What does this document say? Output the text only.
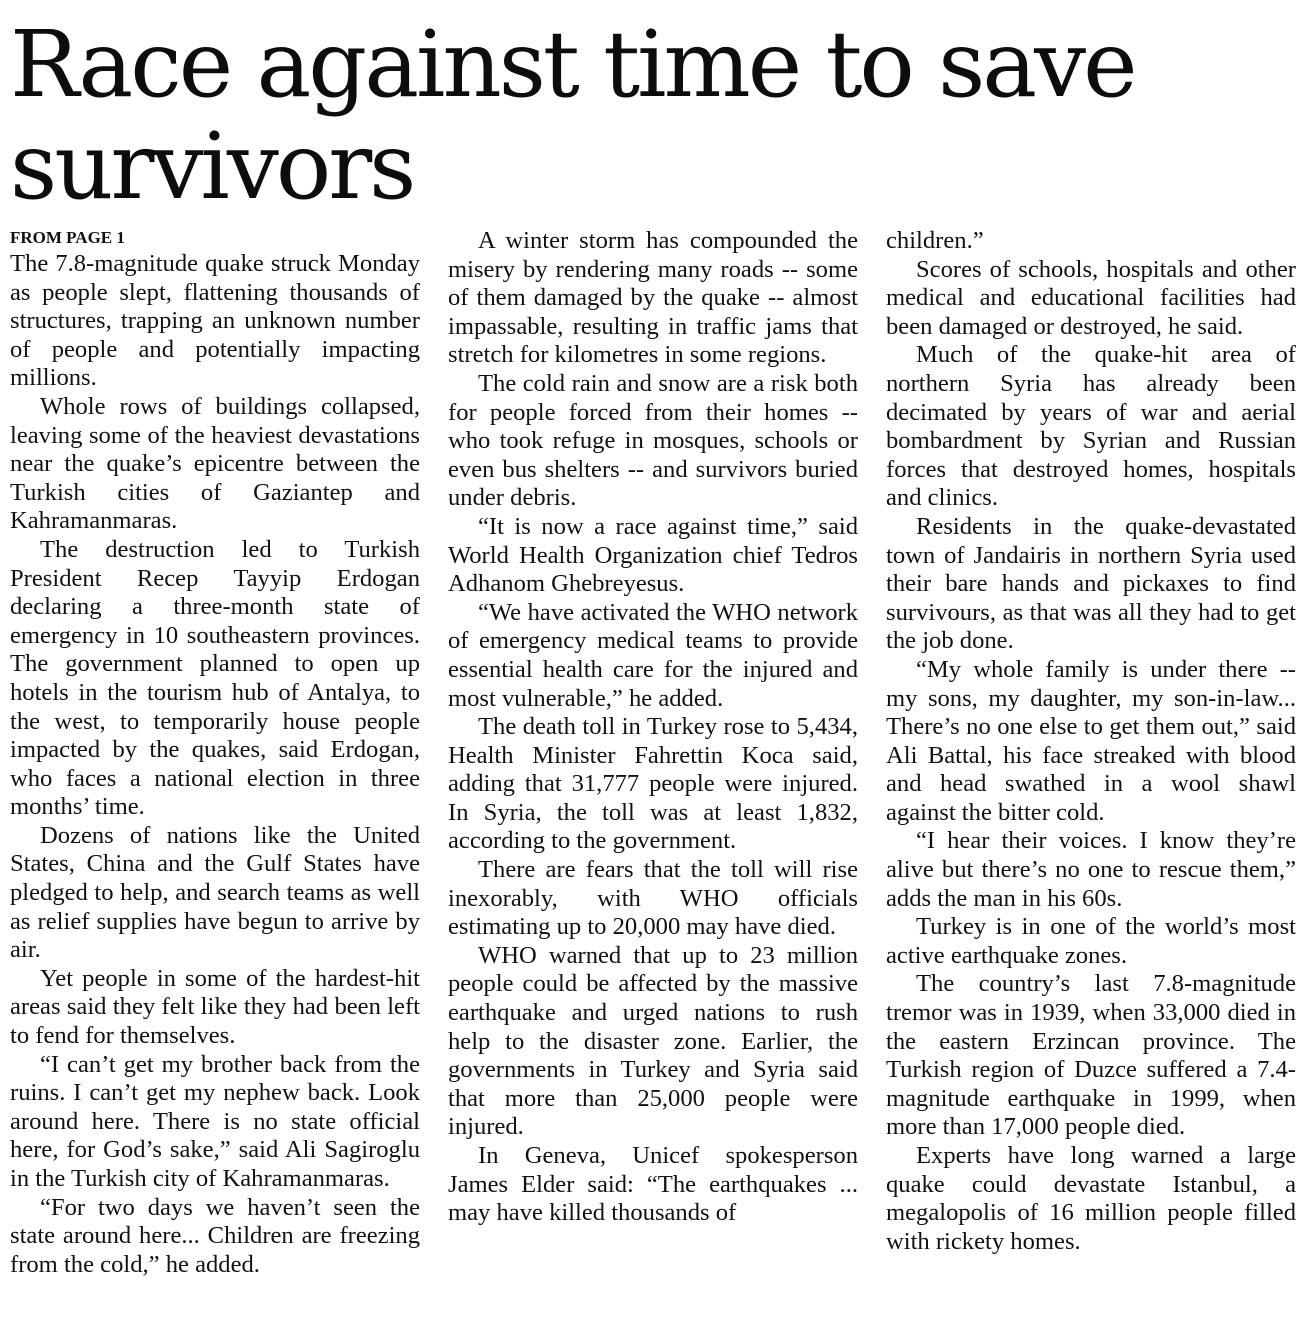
Race against time to save survivors
FROM PAGE 1

The 7.8-magnitude quake struck Monday as people slept, flattening thousands of structures, trapping an unknown number of people and potentially impacting millions.

Whole rows of buildings collapsed, leaving some of the heaviest devastations near the quake’s epicentre between the Turkish cities of Gaziantep and Kahramanmaras.

The destruction led to Turkish President Recep Tayyip Erdogan declaring a three-month state of emergency in 10 southeastern provinces. The government planned to open up hotels in the tourism hub of Antalya, to the west, to temporarily house people impacted by the quakes, said Erdogan, who faces a national election in three months’ time.

Dozens of nations like the United States, China and the Gulf States have pledged to help, and search teams as well as relief supplies have begun to arrive by air.

Yet people in some of the hardest-hit areas said they felt like they had been left to fend for themselves.

“I can’t get my brother back from the ruins. I can’t get my nephew back. Look around here. There is no state official here, for God’s sake,” said Ali Sagiroglu in the Turkish city of Kahramanmaras.

“For two days we haven’t seen the state around here... Children are freezing from the cold,” he added.

A winter storm has compounded the misery by rendering many roads -- some of them damaged by the quake -- almost impassable, resulting in traffic jams that stretch for kilometres in some regions.

The cold rain and snow are a risk both for people forced from their homes -- who took refuge in mosques, schools or even bus shelters -- and survivors buried under debris.

“It is now a race against time,” said World Health Organization chief Tedros Adhanom Ghebreyesus.

“We have activated the WHO network of emergency medical teams to provide essential health care for the injured and most vulnerable,” he added.

The death toll in Turkey rose to 5,434, Health Minister Fahrettin Koca said, adding that 31,777 people were injured. In Syria, the toll was at least 1,832, according to the government.

There are fears that the toll will rise inexorably, with WHO officials estimating up to 20,000 may have died.

WHO warned that up to 23 million people could be affected by the massive earthquake and urged nations to rush help to the disaster zone. Earlier, the governments in Turkey and Syria said that more than 25,000 people were injured.

In Geneva, Unicef spokesperson James Elder said: “The earthquakes ... may have killed thousands of

children.”

Scores of schools, hospitals and other medical and educational facilities had been damaged or destroyed, he said.

Much of the quake-hit area of northern Syria has already been decimated by years of war and aerial bombardment by Syrian and Russian forces that destroyed homes, hospitals and clinics.

Residents in the quake-devastated town of Jandairis in northern Syria used their bare hands and pickaxes to find survivours, as that was all they had to get the job done.

“My whole family is under there -- my sons, my daughter, my son-in-law... There’s no one else to get them out,” said Ali Battal, his face streaked with blood and head swathed in a wool shawl against the bitter cold.

“I hear their voices. I know they’re alive but there’s no one to rescue them,” adds the man in his 60s.

Turkey is in one of the world’s most active earthquake zones.

The country’s last 7.8-magnitude tremor was in 1939, when 33,000 died in the eastern Erzincan province. The Turkish region of Duzce suffered a 7.4-magnitude earthquake in 1999, when more than 17,000 people died.

Experts have long warned a large quake could devastate Istanbul, a megalopolis of 16 million people filled with rickety homes.
